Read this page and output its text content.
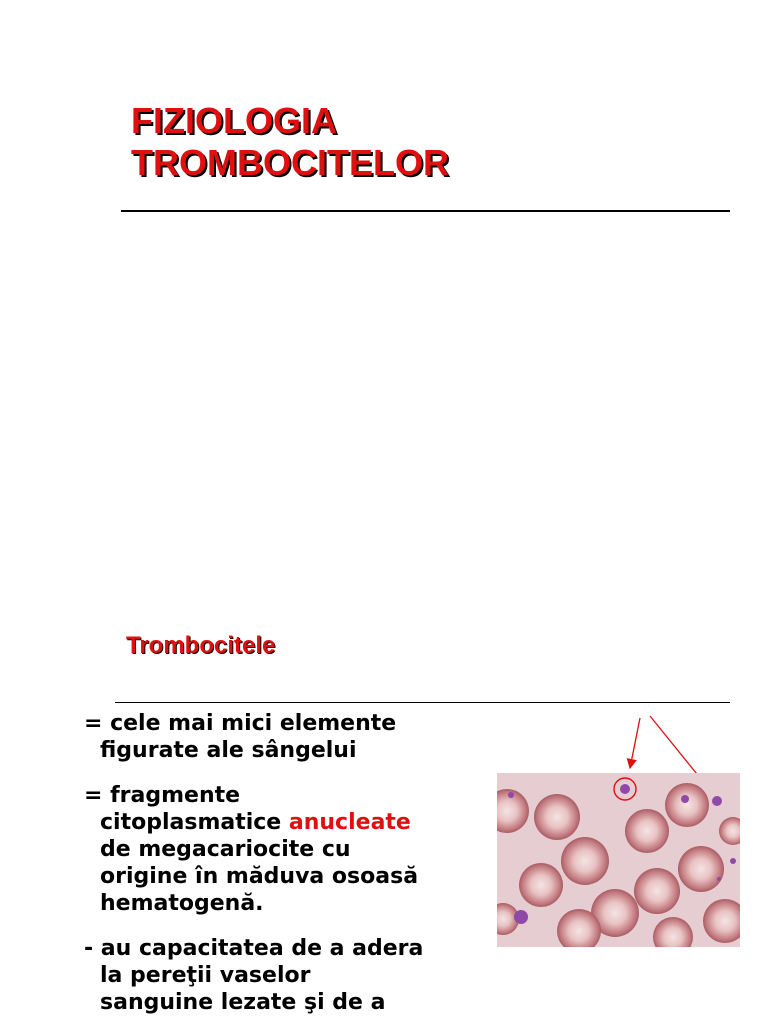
FIZIOLOGIA
TROMBOCITELOR
Trombocitele

= cele mai mici elemente
figurate ale sângelui

= fragmente
citoplasmatice anucleate
de megacariocite cu
origine în măduva osoasă
hematogenă.

- au capacitatea de a adera
la pereţii vaselor
sanguine lezate şi de a
